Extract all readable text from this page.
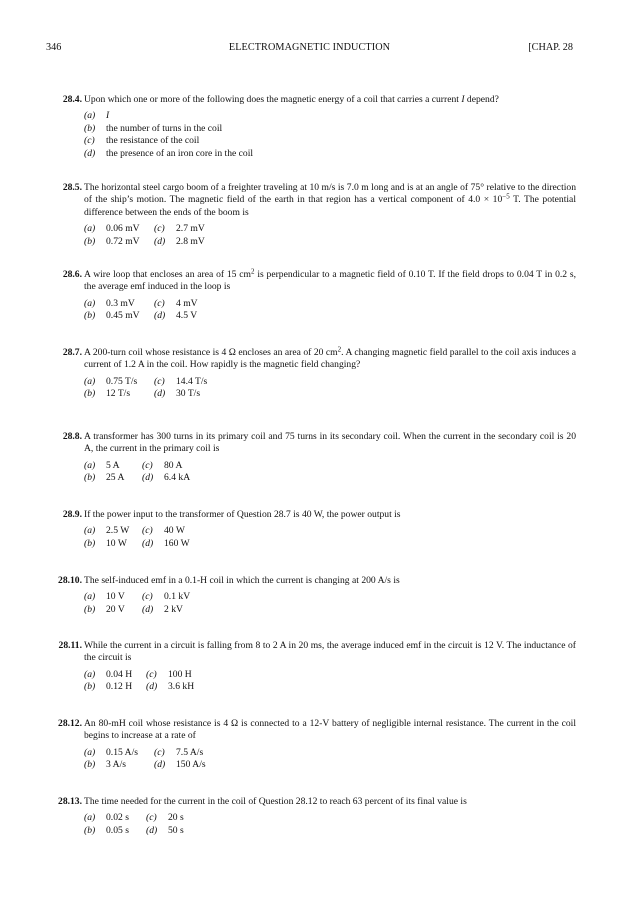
346	ELECTROMAGNETIC INDUCTION	[CHAP. 28
28.4. Upon which one or more of the following does the magnetic energy of a coil that carries a current I depend?
(a) I
(b) the number of turns in the coil
(c) the resistance of the coil
(d) the presence of an iron core in the coil
28.5. The horizontal steel cargo boom of a freighter traveling at 10 m/s is 7.0 m long and is at an angle of 75° relative to the direction of the ship’s motion. The magnetic field of the earth in that region has a vertical component of $4.0 \times 10^{-5}$ T. The potential difference between the ends of the boom is
(a) 0.06 mV	(c) 2.7 mV
(b) 0.72 mV	(d) 2.8 mV
28.6. A wire loop that encloses an area of 15 $cm^2$ is perpendicular to a magnetic field of 0.10 T. If the field drops to 0.04 T in 0.2 s, the average emf induced in the loop is
(a) 0.3 mV	(c) 4 mV
(b) 0.45 mV	(d) 4.5 V
28.7. A 200-turn coil whose resistance is 4 Ω encloses an area of 20 $cm^2$. A changing magnetic field parallel to the coil axis induces a current of 1.2 A in the coil. How rapidly is the magnetic field changing?
(a) 0.75 T/s	(c) 14.4 T/s
(b) 12 T/s	(d) 30 T/s
28.8. A transformer has 300 turns in its primary coil and 75 turns in its secondary coil. When the current in the secondary coil is 20 A, the current in the primary coil is
(a) 5 A	(c) 80 A
(b) 25 A	(d) 6.4 kA
28.9. If the power input to the transformer of Question 28.7 is 40 W, the power output is
(a) 2.5 W	(c) 40 W
(b) 10 W	(d) 160 W
28.10. The self-induced emf in a 0.1-H coil in which the current is changing at 200 A/s is
(a) 10 V	(c) 0.1 kV
(b) 20 V	(d) 2 kV
28.11. While the current in a circuit is falling from 8 to 2 A in 20 ms, the average induced emf in the circuit is 12 V. The inductance of the circuit is
(a) 0.04 H	(c) 100 H
(b) 0.12 H	(d) 3.6 kH
28.12. An 80-mH coil whose resistance is 4 Ω is connected to a 12-V battery of negligible internal resistance. The current in the coil begins to increase at a rate of
(a) 0.15 A/s	(c) 7.5 A/s
(b) 3 A/s	(d) 150 A/s
28.13. The time needed for the current in the coil of Question 28.12 to reach 63 percent of its final value is
(a) 0.02 s	(c) 20 s
(b) 0.05 s	(d) 50 s
